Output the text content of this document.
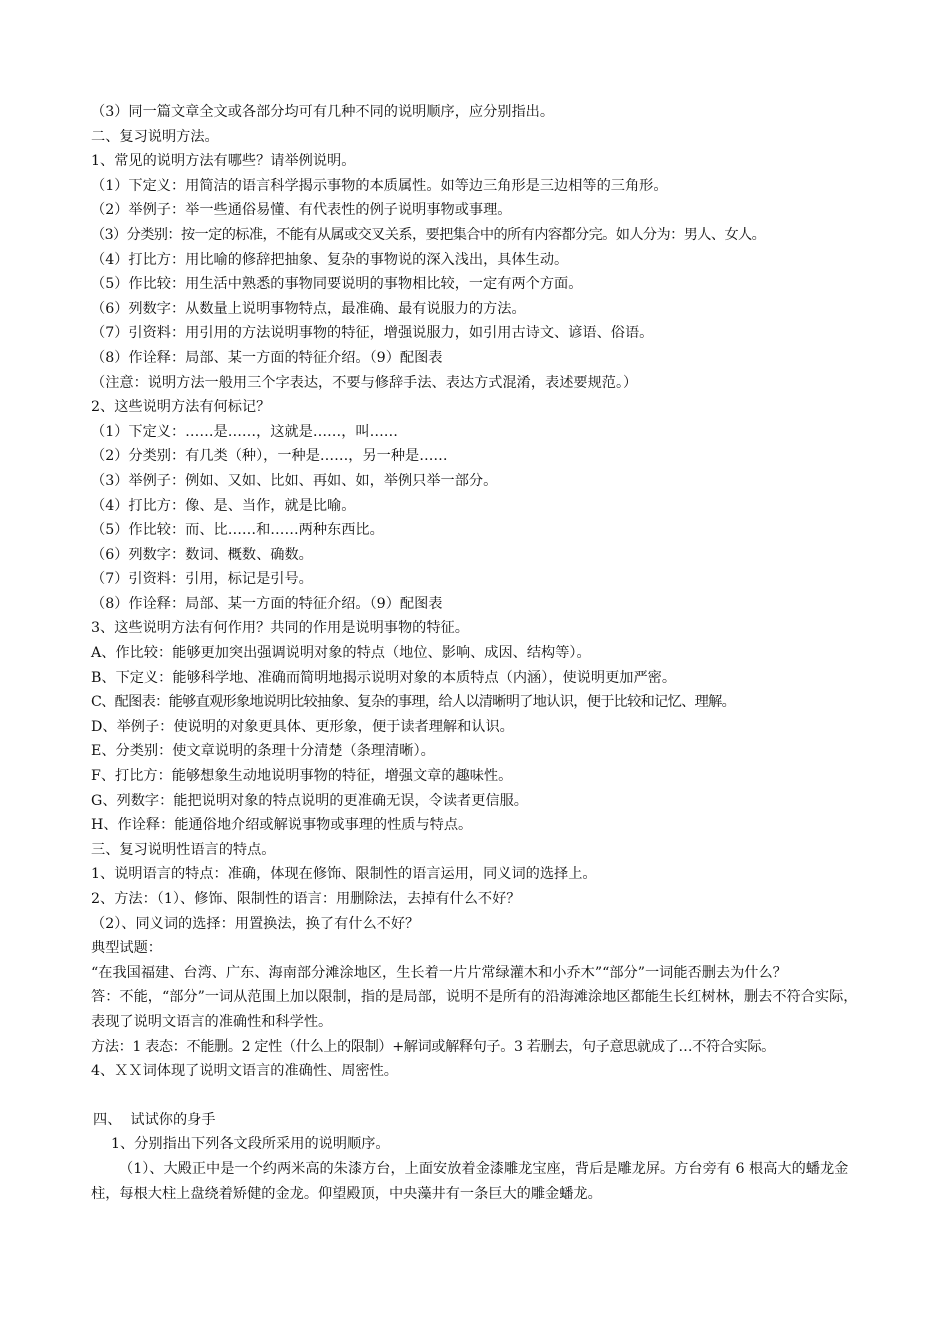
（3）同一篇文章全文或各部分均可有几种不同的说明顺序，应分别指出。
二、复习说明方法。
1、常见的说明方法有哪些？请举例说明。
（1）下定义：用简洁的语言科学揭示事物的本质属性。如等边三角形是三边相等的三角形。
（2）举例子：举一些通俗易懂、有代表性的例子说明事物或事理。
（3）分类别：按一定的标准，不能有从属或交叉关系，要把集合中的所有内容都分完。如人分为：男人、女人。
（4）打比方：用比喻的修辞把抽象、复杂的事物说的深入浅出，具体生动。
（5）作比较：用生活中熟悉的事物同要说明的事物相比较，一定有两个方面。
（6）列数字：从数量上说明事物特点，最准确、最有说服力的方法。
（7）引资料：用引用的方法说明事物的特征，增强说服力，如引用古诗文、谚语、俗语。
（8）作诠释：局部、某一方面的特征介绍。（9）配图表
（注意：说明方法一般用三个字表达，不要与修辞手法、表达方式混淆，表述要规范。）
2、这些说明方法有何标记？
（1）下定义：……是……，这就是……，叫……
（2）分类别：有几类（种），一种是……，另一种是……
（3）举例子：例如、又如、比如、再如、如，举例只举一部分。
（4）打比方：像、是、当作，就是比喻。
（5）作比较：而、比……和……两种东西比。
（6）列数字：数词、概数、确数。
（7）引资料：引用，标记是引号。
（8）作诠释：局部、某一方面的特征介绍。（9）配图表
3、这些说明方法有何作用？共同的作用是说明事物的特征。
A、作比较：能够更加突出强调说明对象的特点（地位、影响、成因、结构等）。
B、下定义：能够科学地、准确而简明地揭示说明对象的本质特点（内涵），使说明更加严密。
C、配图表：能够直观形象地说明比较抽象、复杂的事理，给人以清晰明了地认识，便于比较和记忆、理解。
D、举例子：使说明的对象更具体、更形象，便于读者理解和认识。
E、分类别：使文章说明的条理十分清楚（条理清晰）。
F、打比方：能够想象生动地说明事物的特征，增强文章的趣味性。
G、列数字：能把说明对象的特点说明的更准确无误，令读者更信服。
H、作诠释：能通俗地介绍或解说事物或事理的性质与特点。
三、复习说明性语言的特点。
1、说明语言的特点：准确，体现在修饰、限制性的语言运用，同义词的选择上。
2、方法：（1）、修饰、限制性的语言：用删除法，去掉有什么不好？
（2）、同义词的选择：用置换法，换了有什么不好？
典型试题：
“在我国福建、台湾、广东、海南部分滩涂地区，生长着一片片常绿灌木和小乔木”“部分”一词能否删去为什么？
答：不能，“部分”一词从范围上加以限制，指的是局部，说明不是所有的沿海滩涂地区都能生长红树林，删去不符合实际，表现了说明文语言的准确性和科学性。
方法：1 表态：不能删。2 定性（什么上的限制）+解词或解释句子。3 若删去，句子意思就成了…不符合实际。
4、ＸＸ词体现了说明文语言的准确性、周密性。
四、  试试你的身手
1、分别指出下列各文段所采用的说明顺序。
（1）、大殿正中是一个约两米高的朱漆方台，上面安放着金漆雕龙宝座，背后是雕龙屏。方台旁有 6 根高大的蟠龙金柱，每根大柱上盘绕着矫健的金龙。仰望殿顶，中央藻井有一条巨大的雕金蟠龙。
